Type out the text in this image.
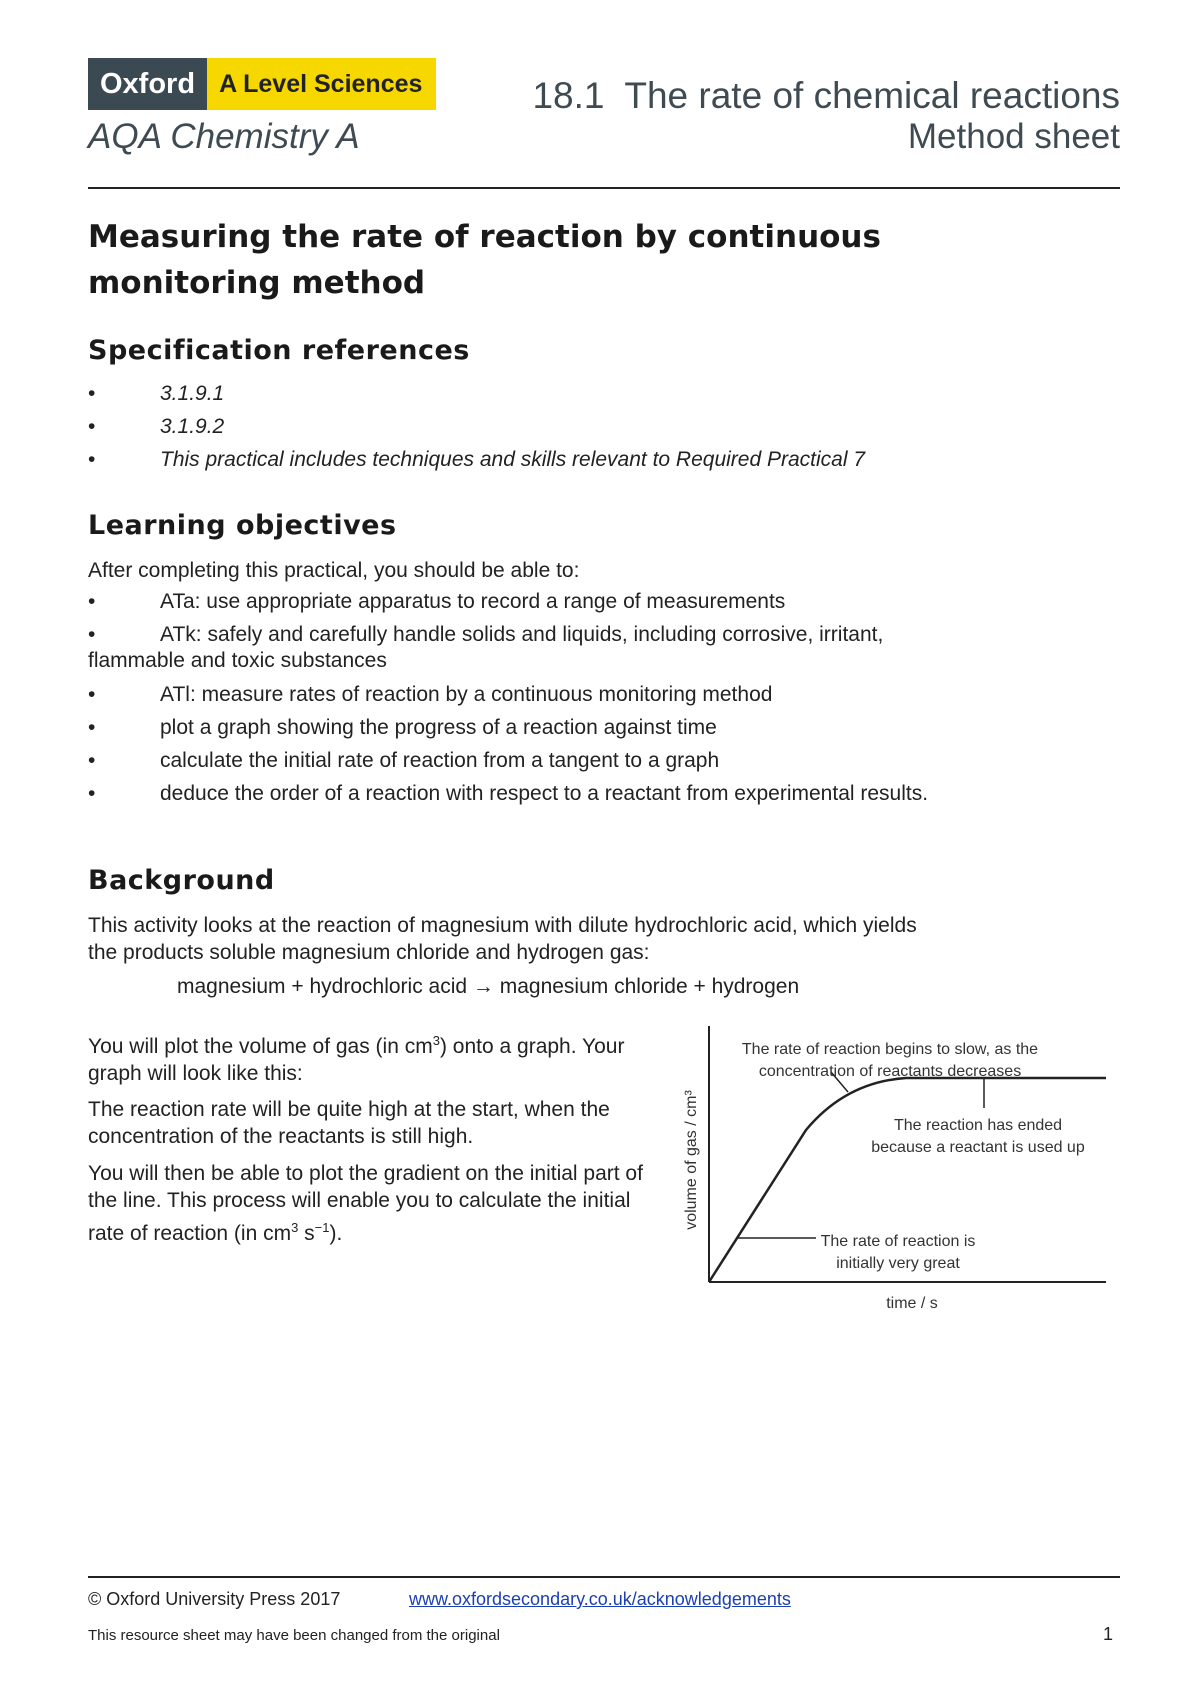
Oxford A Level Sciences
AQA Chemistry A
18.1  The rate of chemical reactions
Method sheet
Measuring the rate of reaction by continuous monitoring method
Specification references
•	3.1.9.1
•	3.1.9.2
•	This practical includes techniques and skills relevant to Required Practical 7
Learning objectives
After completing this practical, you should be able to:
•	ATa: use appropriate apparatus to record a range of measurements
•	ATk: safely and carefully handle solids and liquids, including corrosive, irritant, flammable and toxic substances
•	ATl: measure rates of reaction by a continuous monitoring method
•	plot a graph showing the progress of a reaction against time
•	calculate the initial rate of reaction from a tangent to a graph
•	deduce the order of a reaction with respect to a reactant from experimental results.
Background
This activity looks at the reaction of magnesium with dilute hydrochloric acid, which yields the products soluble magnesium chloride and hydrogen gas:
magnesium + hydrochloric acid → magnesium chloride + hydrogen
You will plot the volume of gas (in $cm^3$) onto a graph. Your graph will look like this:
The reaction rate will be quite high at the start, when the concentration of the reactants is still high.
You will then be able to plot the gradient on the initial part of the line. This process will enable you to calculate the initial rate of reaction (in $cm^3$ $s^{-1}$).
The rate of reaction begins to slow, as the
concentration of reactants decreases
The reaction has ended
because a reactant is used up
The rate of reaction is
initially very great
time / s
volume of gas / cm³
© Oxford University Press 2017	www.oxfordsecondary.co.uk/acknowledgements
This resource sheet may have been changed from the original	1
